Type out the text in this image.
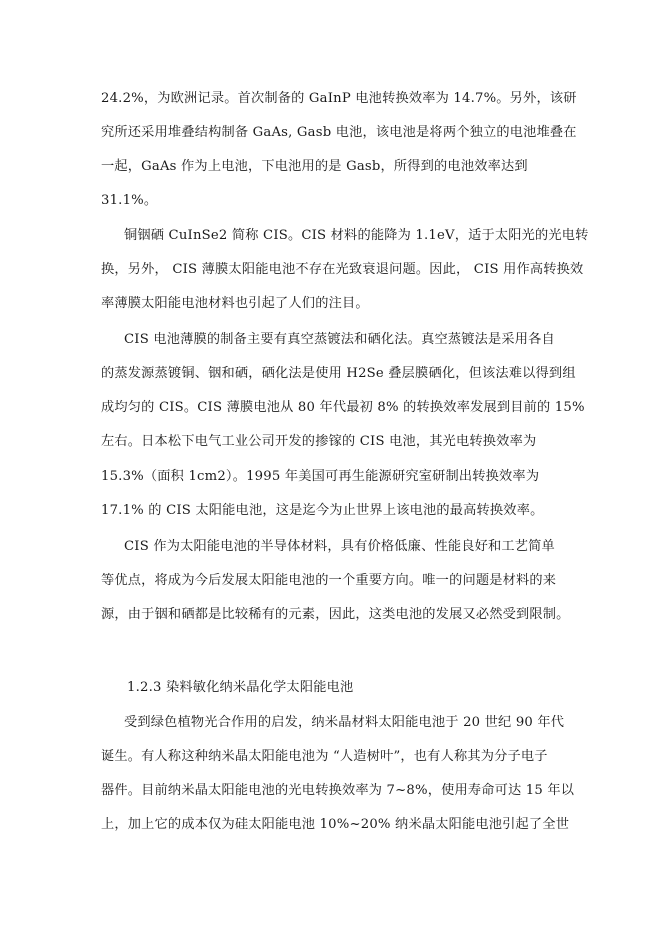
24.2%，为欧洲记录。首次制备的 GaInP 电池转换效率为 14.7%。另外，该研
究所还采用堆叠结构制备 GaAs, Gasb 电池，该电池是将两个独立的电池堆叠在
一起，GaAs 作为上电池，下电池用的是 Gasb，所得到的电池效率达到
31.1%。
铜铟硒 CuInSe2 简称 CIS。CIS 材料的能降为 1.1eV，适于太阳光的光电转
换，另外， CIS 薄膜太阳能电池不存在光致衰退问题。因此， CIS 用作高转换效
率薄膜太阳能电池材料也引起了人们的注目。
CIS 电池薄膜的制备主要有真空蒸镀法和硒化法。真空蒸镀法是采用各自
的蒸发源蒸镀铜、铟和硒，硒化法是使用 H2Se 叠层膜硒化，但该法难以得到组
成均匀的 CIS。CIS 薄膜电池从 80 年代最初 8% 的转换效率发展到目前的 15%
左右。日本松下电气工业公司开发的掺镓的 CIS 电池，其光电转换效率为
15.3%（面积 1cm2）。1995 年美国可再生能源研究室研制出转换效率为
17.1% 的 CIS 太阳能电池，这是迄今为止世界上该电池的最高转换效率。
CIS 作为太阳能电池的半导体材料，具有价格低廉、性能良好和工艺简单
等优点，将成为今后发展太阳能电池的一个重要方向。唯一的问题是材料的来
源，由于铟和硒都是比较稀有的元素，因此，这类电池的发展又必然受到限制。
1.2.3 染料敏化纳米晶化学太阳能电池
受到绿色植物光合作用的启发，纳米晶材料太阳能电池于 20 世纪 90 年代
诞生。有人称这种纳米晶太阳能电池为 “人造树叶”，也有人称其为分子电子
器件。目前纳米晶太阳能电池的光电转换效率为 7~8%，使用寿命可达 15 年以
上，加上它的成本仅为硅太阳能电池 10%~20% 纳米晶太阳能电池引起了全世
